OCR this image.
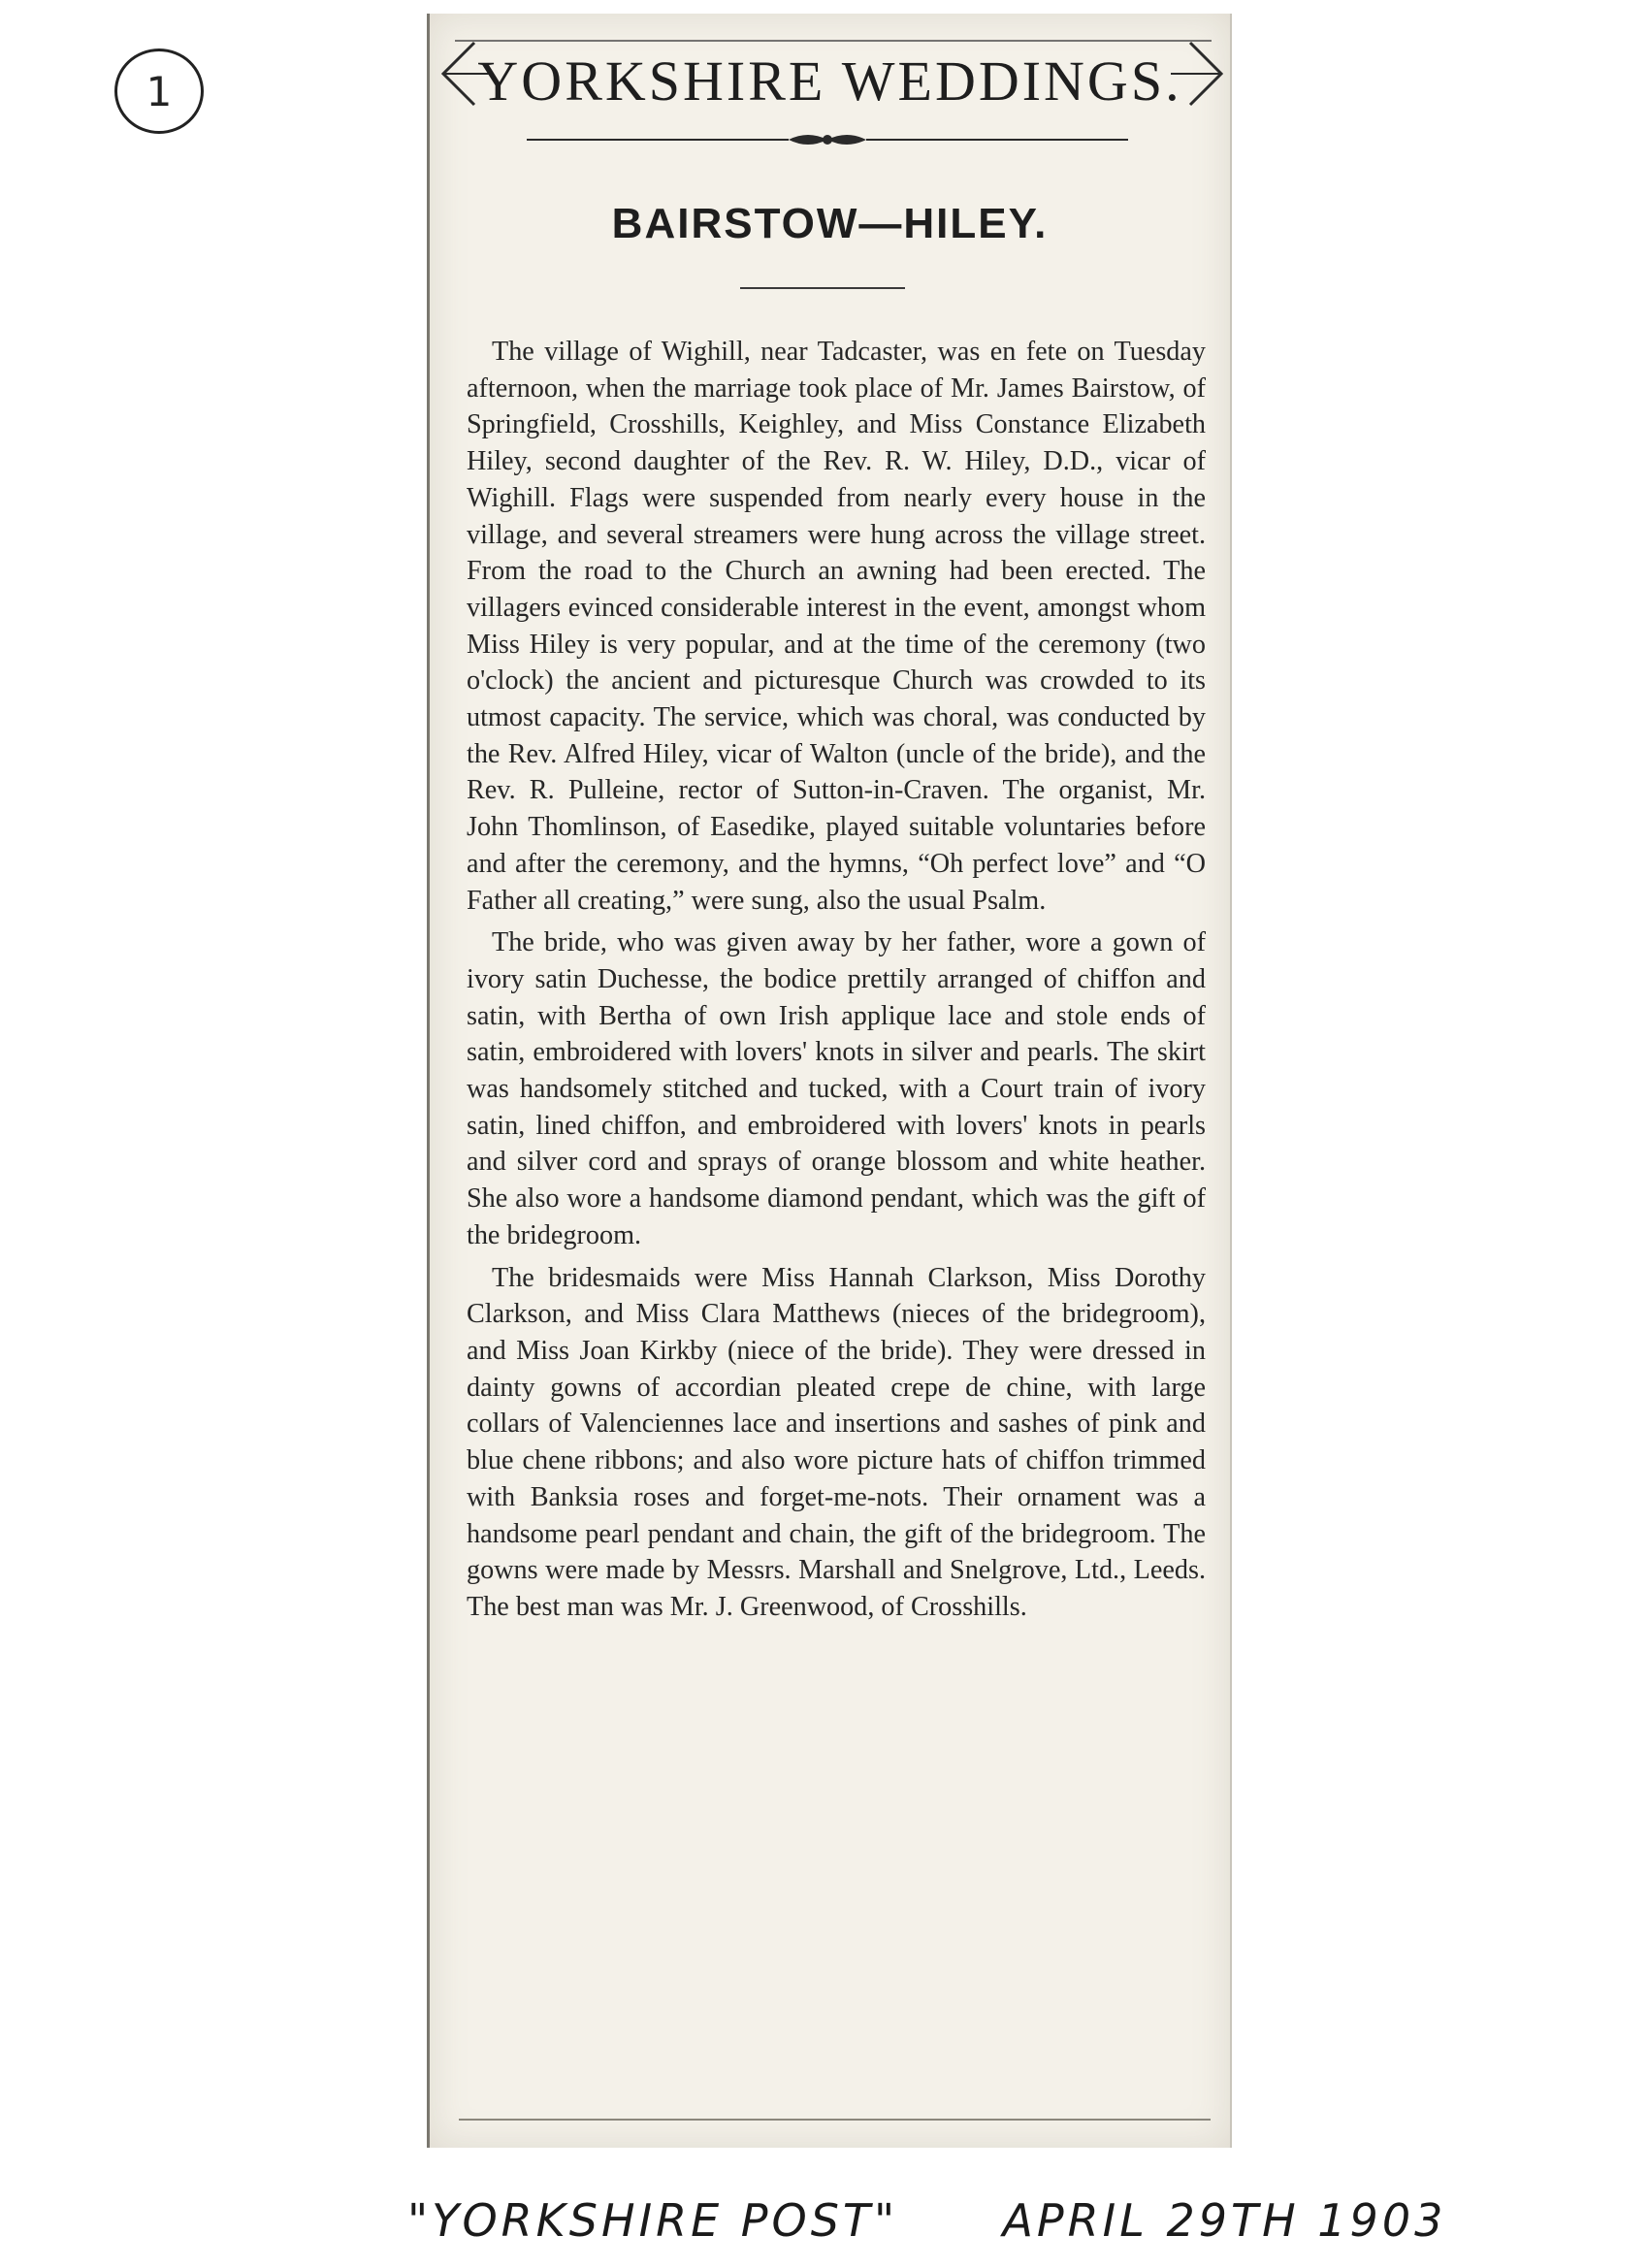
1	YORKSHIRE WEDDINGS.
BAIRSTOW—HILEY.

The village of Wighill, near Tadcaster, was en fete on Tuesday afternoon, when the marriage took place of Mr. James Bairstow, of Springfield, Crosshills, Keighley, and Miss Constance Elizabeth Hiley, second daughter of the Rev. R. W. Hiley, D.D., vicar of Wighill. Flags were suspended from nearly every house in the village, and several streamers were hung across the village street. From the road to the Church an awning had been erected. The villagers evinced considerable interest in the event, amongst whom Miss Hiley is very popular, and at the time of the ceremony (two o'clock) the ancient and picturesque Church was crowded to its utmost capacity. The service, which was choral, was conducted by the Rev. Alfred Hiley, vicar of Walton (uncle of the bride), and the Rev. R. Pulleine, rector of Sutton-in-Craven. The organist, Mr. John Thomlinson, of Easedike, played suitable voluntaries before and after the ceremony, and the hymns, “Oh perfect love” and “O Father all creating,” were sung, also the usual Psalm.

The bride, who was given away by her father, wore a gown of ivory satin Duchesse, the bodice prettily arranged of chiffon and satin, with Bertha of own Irish applique lace and stole ends of satin, embroidered with lovers' knots in silver and pearls. The skirt was handsomely stitched and tucked, with a Court train of ivory satin, lined chiffon, and embroidered with lovers' knots in pearls and silver cord and sprays of orange blossom and white heather. She also wore a handsome diamond pendant, which was the gift of the bridegroom.

The bridesmaids were Miss Hannah Clarkson, Miss Dorothy Clarkson, and Miss Clara Matthews (nieces of the bridegroom), and Miss Joan Kirkby (niece of the bride). They were dressed in dainty gowns of accordian pleated crepe de chine, with large collars of Valenciennes lace and insertions and sashes of pink and blue chene ribbons; and also wore picture hats of chiffon trimmed with Banksia roses and forget-me-nots. Their ornament was a handsome pearl pendant and chain, the gift of the bridegroom. The gowns were made by Messrs. Marshall and Snelgrove, Ltd., Leeds. The best man was Mr. J. Greenwood, of Crosshills.

"YORKSHIRE POST" APRIL 29TH 1903
